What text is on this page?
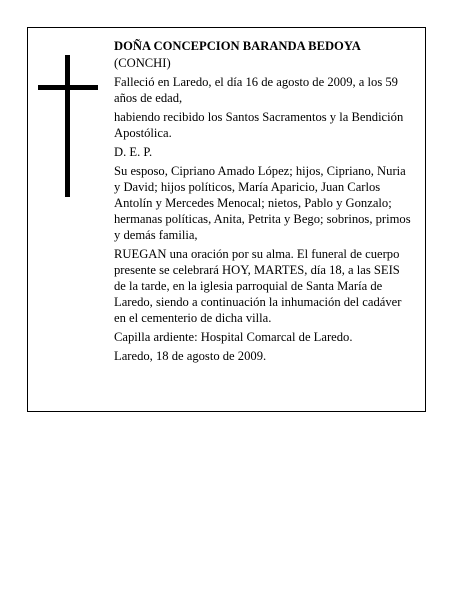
DOÑA CONCEPCION BARANDA BEDOYA

(CONCHI)

Falleció en Laredo, el día 16 de agosto de 2009, a los 59 años de edad,

habiendo recibido los Santos Sacramentos y la Bendición Apostólica.

D. E. P.

Su esposo, Cipriano Amado López; hijos, Cipriano, Nuria y David; hijos políticos, María Aparicio, Juan Carlos Antolín y Mercedes Menocal; nietos, Pablo y Gonzalo; hermanas políticas, Anita, Petrita y Bego; sobrinos, primos y demás familia,

RUEGAN una oración por su alma. El funeral de cuerpo presente se celebrará HOY, MARTES, día 18, a las SEIS de la tarde, en la iglesia parroquial de Santa María de Laredo, siendo a continuación la inhumación del cadáver en el cementerio de dicha villa.

Capilla ardiente: Hospital Comarcal de Laredo.

Laredo, 18 de agosto de 2009.
